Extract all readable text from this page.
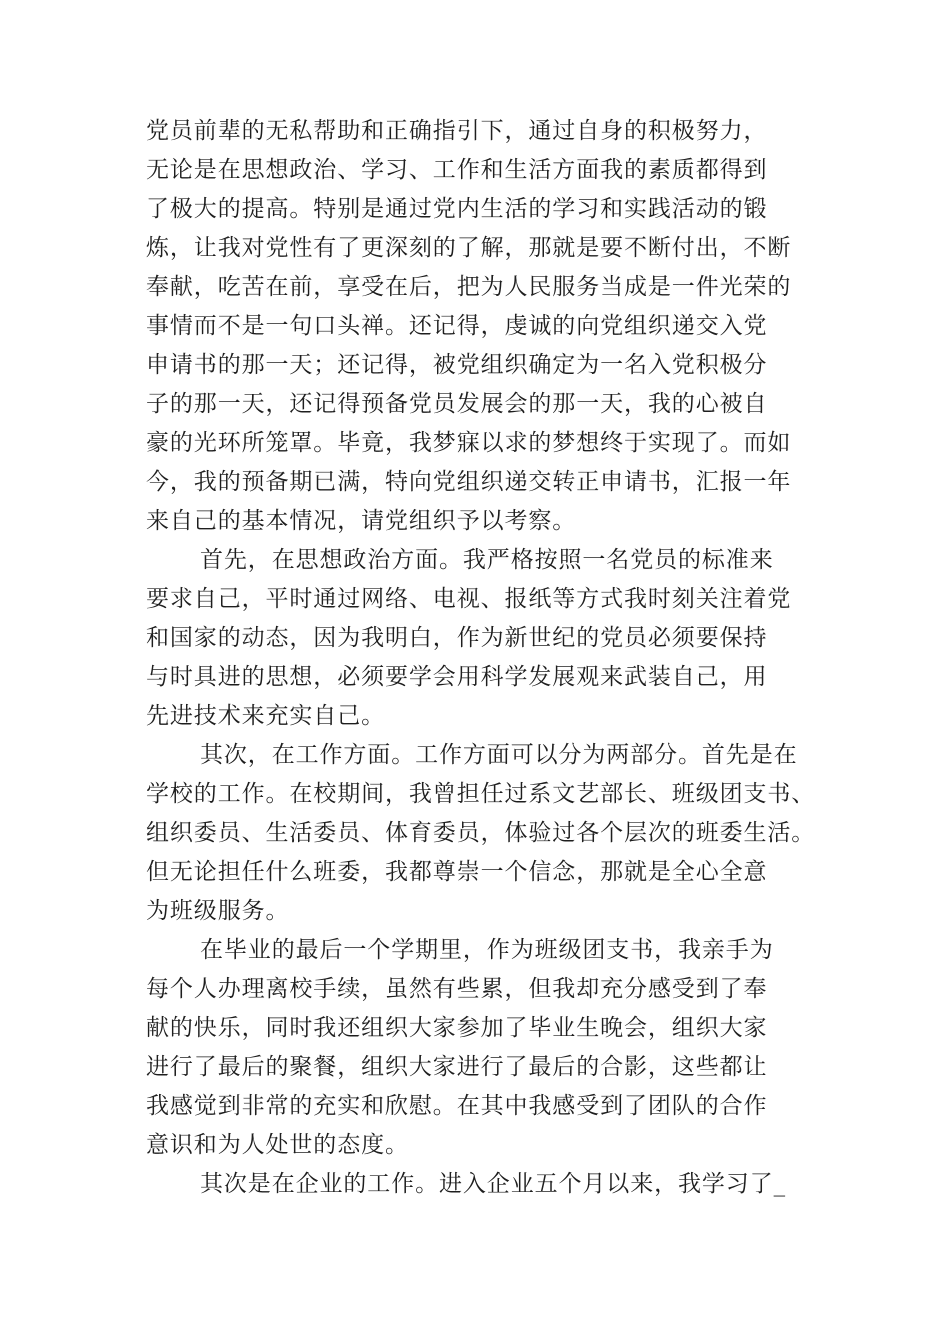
党员前辈的无私帮助和正确指引下，通过自身的积极努力，
无论是在思想政治、学习、工作和生活方面我的素质都得到
了极大的提高。特别是通过党内生活的学习和实践活动的锻
炼，让我对党性有了更深刻的了解，那就是要不断付出，不断
奉献，吃苦在前，享受在后，把为人民服务当成是一件光荣的
事情而不是一句口头禅。还记得，虔诚的向党组织递交入党
申请书的那一天；还记得，被党组织确定为一名入党积极分
子的那一天，还记得预备党员发展会的那一天，我的心被自
豪的光环所笼罩。毕竟，我梦寐以求的梦想终于实现了。而如
今，我的预备期已满，特向党组织递交转正申请书，汇报一年
来自己的基本情况，请党组织予以考察。
首先，在思想政治方面。我严格按照一名党员的标准来
要求自己，平时通过网络、电视、报纸等方式我时刻关注着党
和国家的动态，因为我明白，作为新世纪的党员必须要保持
与时具进的思想，必须要学会用科学发展观来武装自己，用
先进技术来充实自己。
其次，在工作方面。工作方面可以分为两部分。首先是在
学校的工作。在校期间，我曾担任过系文艺部长、班级团支书、
组织委员、生活委员、体育委员，体验过各个层次的班委生活。
但无论担任什么班委，我都尊崇一个信念，那就是全心全意
为班级服务。
在毕业的最后一个学期里，作为班级团支书，我亲手为
每个人办理离校手续，虽然有些累，但我却充分感受到了奉
献的快乐，同时我还组织大家参加了毕业生晚会，组织大家
进行了最后的聚餐，组织大家进行了最后的合影，这些都让
我感觉到非常的充实和欣慰。在其中我感受到了团队的合作
意识和为人处世的态度。
其次是在企业的工作。进入企业五个月以来，我学习了_
